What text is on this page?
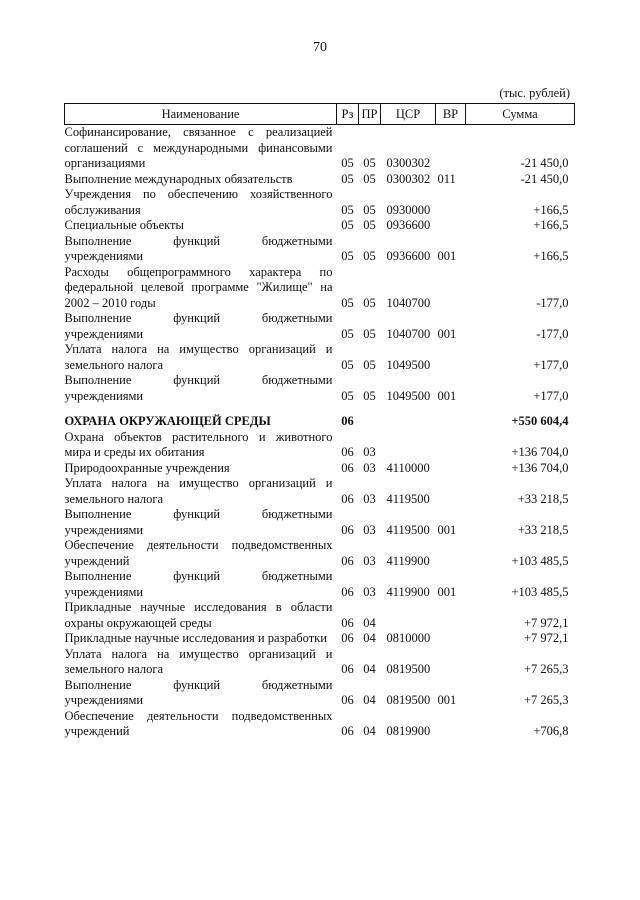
70
(тыс. рублей)
Наименование	Рз	ПР	ЦСР	ВР	Сумма
Софинансирование, связанное с реализацией соглашений с международными финансовыми организациями	05	05	0300302		-21 450,0
Выполнение международных обязательств	05	05	0300302	011	-21 450,0
Учреждения по обеспечению хозяйственного обслуживания	05	05	0930000		+166,5
Специальные объекты	05	05	0936600		+166,5
Выполнение функций бюджетными учреждениями	05	05	0936600	001	+166,5
Расходы общепрограммного характера по федеральной целевой программе "Жилище" на 2002 – 2010 годы	05	05	1040700		-177,0
Выполнение функций бюджетными учреждениями	05	05	1040700	001	-177,0
Уплата налога на имущество организаций и земельного налога	05	05	1049500		+177,0
Выполнение функций бюджетными учреждениями	05	05	1049500	001	+177,0

ОХРАНА ОКРУЖАЮЩЕЙ СРЕДЫ	06				+550 604,4
Охрана объектов растительного и животного мира и среды их обитания	06	03			+136 704,0
Природоохранные учреждения	06	03	4110000		+136 704,0
Уплата налога на имущество организаций и земельного налога	06	03	4119500		+33 218,5
Выполнение функций бюджетными учреждениями	06	03	4119500	001	+33 218,5
Обеспечение деятельности подведомственных учреждений	06	03	4119900		+103 485,5
Выполнение функций бюджетными учреждениями	06	03	4119900	001	+103 485,5
Прикладные научные исследования в области охраны окружающей среды	06	04			+7 972,1
Прикладные научные исследования и разработки	06	04	0810000		+7 972,1
Уплата налога на имущество организаций и земельного налога	06	04	0819500		+7 265,3
Выполнение функций бюджетными учреждениями	06	04	0819500	001	+7 265,3
Обеспечение деятельности подведомственных учреждений	06	04	0819900		+706,8
